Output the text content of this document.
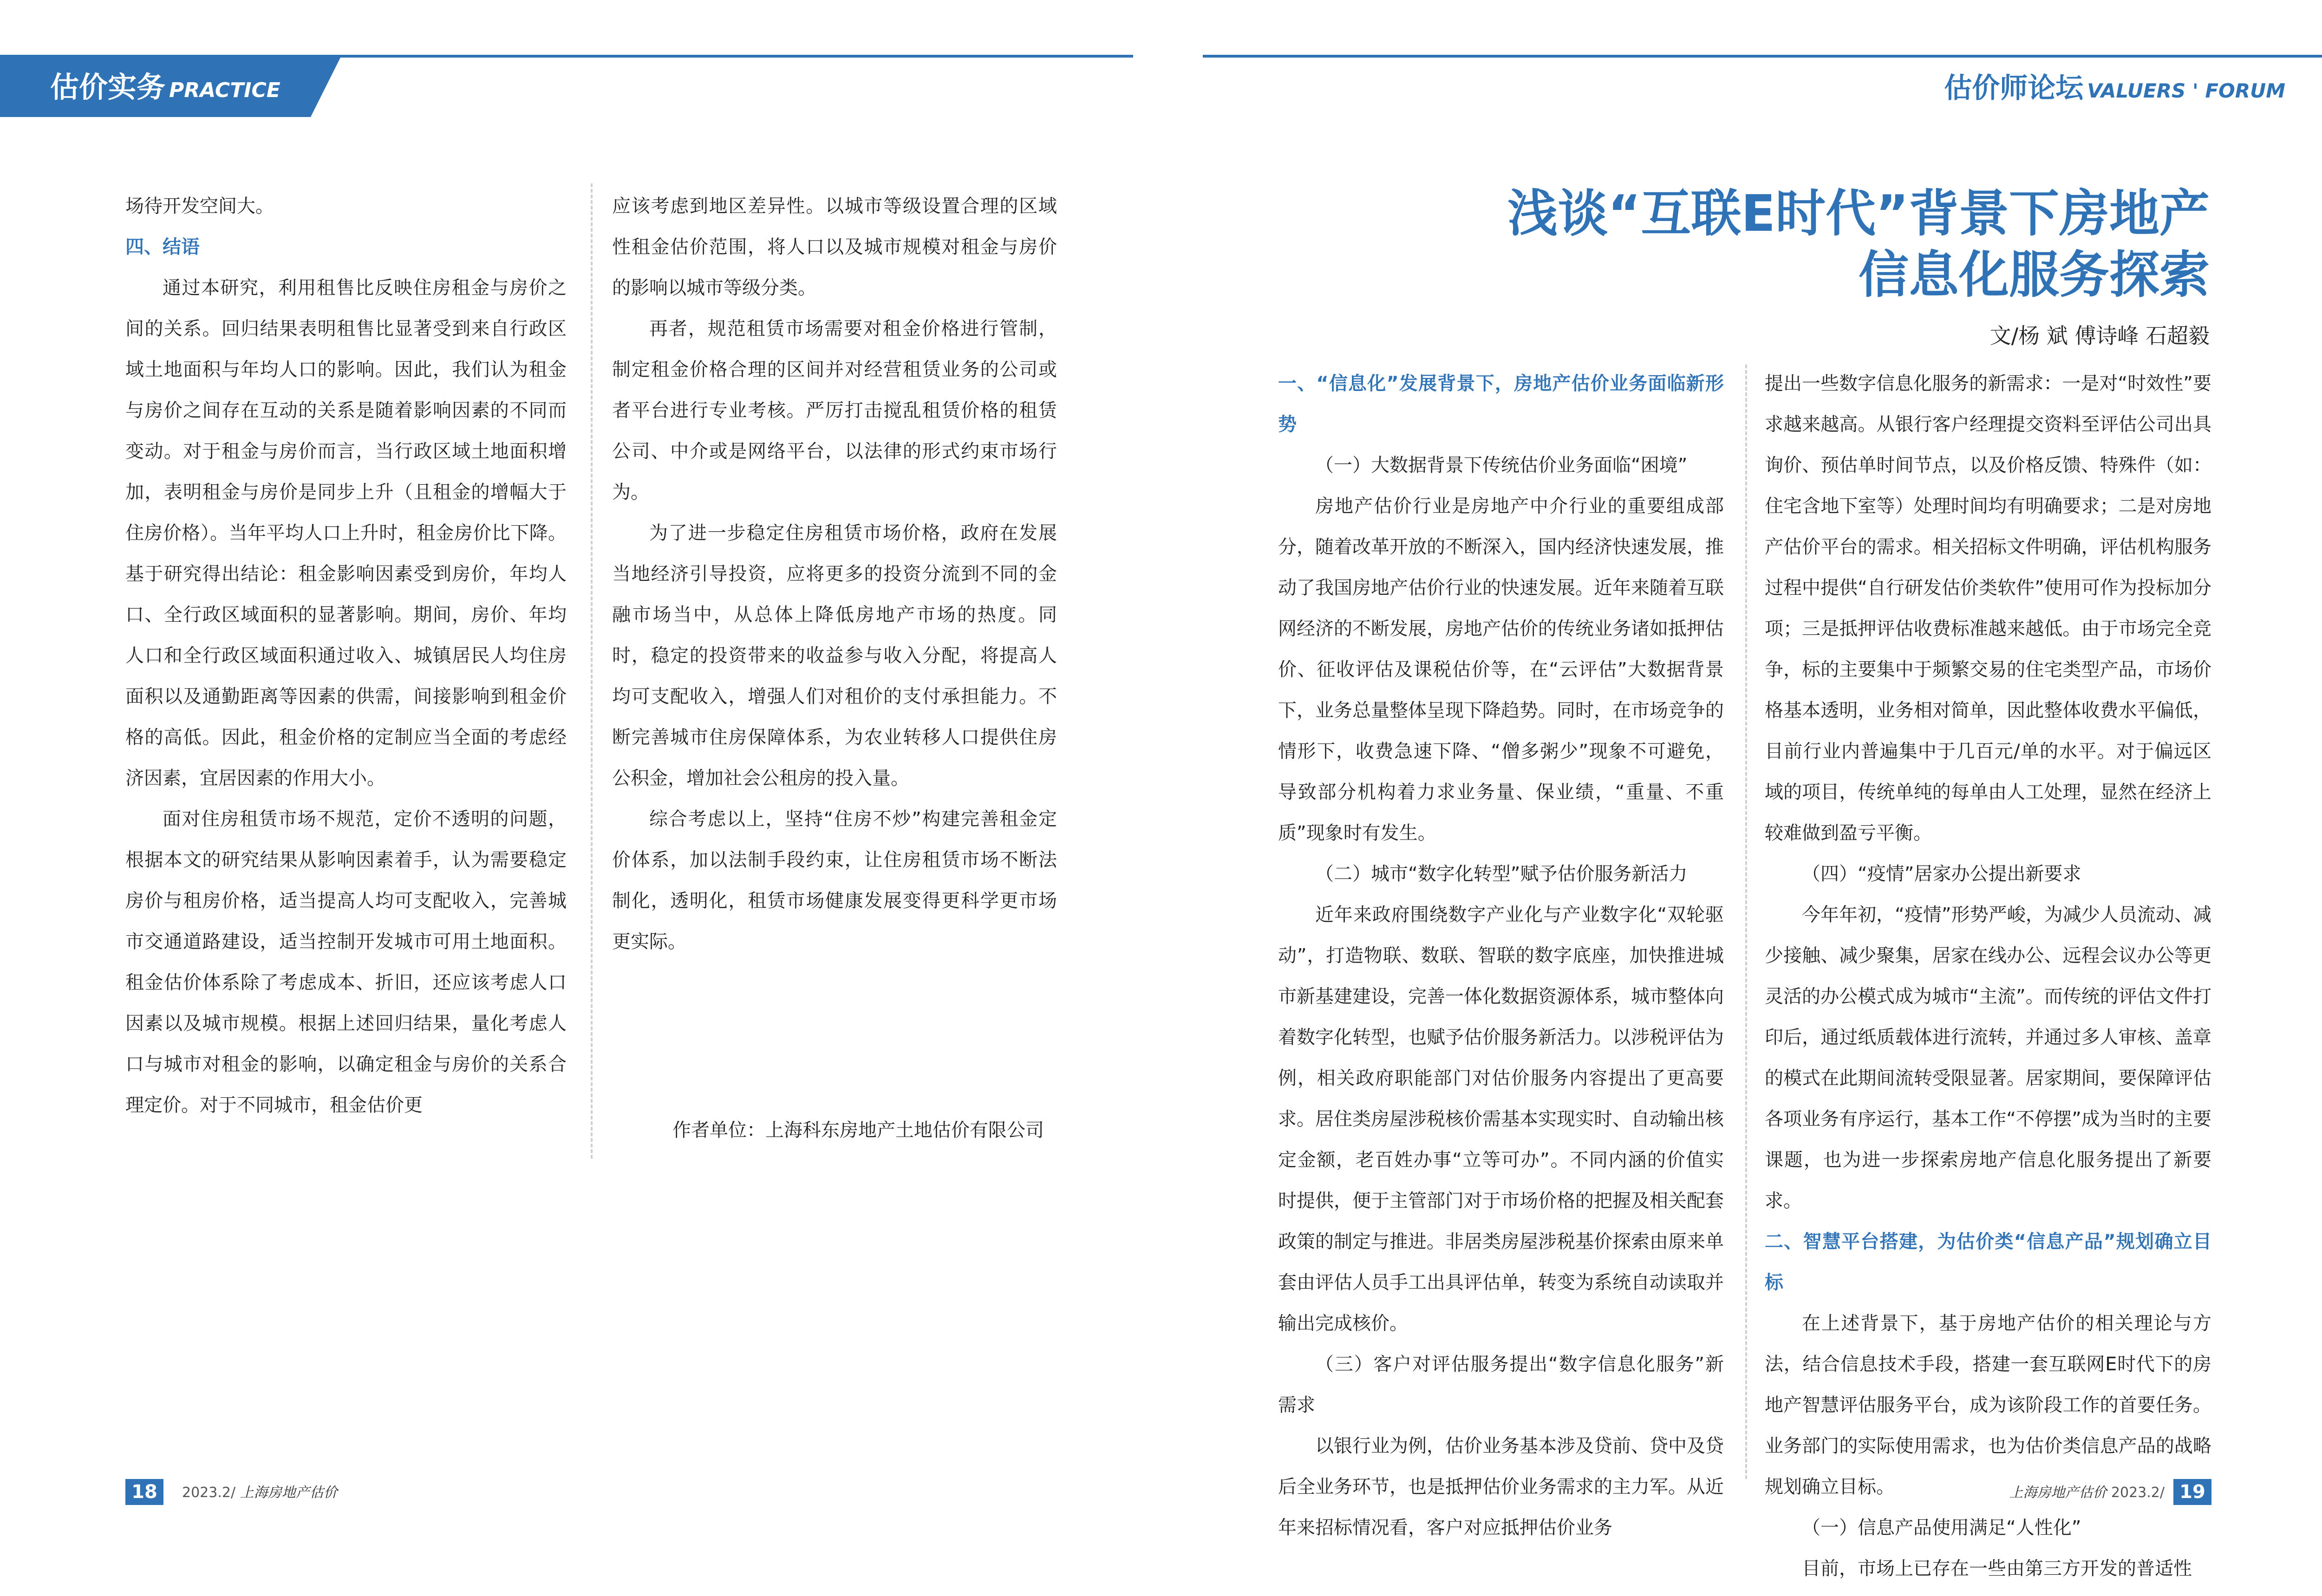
估价实务 PRACTICE	估价师论坛 VALUERS ' FORUM

场待开发空间大。

四、结语

通过本研究，利用租售比反映住房租金与房价之间的关系。回归结果表明租售比显著受到来自行政区域土地面积与年均人口的影响。因此，我们认为租金与房价之间存在互动的关系是随着影响因素的不同而变动。对于租金与房价而言，当行政区域土地面积增加，表明租金与房价是同步上升（且租金的增幅大于住房价格）。当年平均人口上升时，租金房价比下降。基于研究得出结论：租金影响因素受到房价，年均人口、全行政区域面积的显著影响。期间，房价、年均人口和全行政区域面积通过收入、城镇居民人均住房面积以及通勤距离等因素的供需，间接影响到租金价格的高低。因此，租金价格的定制应当全面的考虑经济因素，宜居因素的作用大小。

面对住房租赁市场不规范，定价不透明的问题，根据本文的研究结果从影响因素着手，认为需要稳定房价与租房价格，适当提高人均可支配收入，完善城市交通道路建设，适当控制开发城市可用土地面积。租金估价体系除了考虑成本、折旧，还应该考虑人口因素以及城市规模。根据上述回归结果，量化考虑人口与城市对租金的影响，以确定租金与房价的关系合理定价。对于不同城市，租金估价更

应该考虑到地区差异性。以城市等级设置合理的区域性租金估价范围，将人口以及城市规模对租金与房价的影响以城市等级分类。

再者，规范租赁市场需要对租金价格进行管制，制定租金价格合理的区间并对经营租赁业务的公司或者平台进行专业考核。严厉打击搅乱租赁价格的租赁公司、中介或是网络平台，以法律的形式约束市场行为。

为了进一步稳定住房租赁市场价格，政府在发展当地经济引导投资，应将更多的投资分流到不同的金融市场当中，从总体上降低房地产市场的热度。同时，稳定的投资带来的收益参与收入分配，将提高人均可支配收入，增强人们对租价的支付承担能力。不断完善城市住房保障体系，为农业转移人口提供住房公积金，增加社会公租房的投入量。

综合考虑以上，坚持“住房不炒”构建完善租金定价体系，加以法制手段约束，让住房租赁市场不断法制化，透明化，租赁市场健康发展变得更科学更市场更实际。

作者单位：上海科东房地产土地估价有限公司
浅谈“互联E时代”背景下房地产
信息化服务探索
文/杨 斌 傅诗峰 石超毅

一、“信息化”发展背景下，房地产估价业务面临新形势

（一）大数据背景下传统估价业务面临“困境”

房地产估价行业是房地产中介行业的重要组成部分，随着改革开放的不断深入，国内经济快速发展，推动了我国房地产估价行业的快速发展。近年来随着互联网经济的不断发展，房地产估价的传统业务诸如抵押估价、征收评估及课税估价等，在“云评估”大数据背景下，业务总量整体呈现下降趋势。同时，在市场竞争的情形下，收费急速下降、“僧多粥少”现象不可避免，导致部分机构着力求业务量、保业绩，“重量、不重质”现象时有发生。

（二）城市“数字化转型”赋予估价服务新活力

近年来政府围绕数字产业化与产业数字化“双轮驱动”，打造物联、数联、智联的数字底座，加快推进城市新基建建设，完善一体化数据资源体系，城市整体向着数字化转型，也赋予估价服务新活力。以涉税评估为例，相关政府职能部门对估价服务内容提出了更高要求。居住类房屋涉税核价需基本实现实时、自动输出核定金额，老百姓办事“立等可办”。不同内涵的价值实时提供，便于主管部门对于市场价格的把握及相关配套政策的制定与推进。非居类房屋涉税基价探索由原来单套由评估人员手工出具评估单，转变为系统自动读取并输出完成核价。

（三）客户对评估服务提出“数字信息化服务”新需求

以银行业为例，估价业务基本涉及贷前、贷中及贷后全业务环节，也是抵押估价业务需求的主力军。从近年来招标情况看，客户对应抵押估价业务

提出一些数字信息化服务的新需求：一是对“时效性”要求越来越高。从银行客户经理提交资料至评估公司出具询价、预估单时间节点，以及价格反馈、特殊件（如：住宅含地下室等）处理时间均有明确要求；二是对房地产估价平台的需求。相关招标文件明确，评估机构服务过程中提供“自行研发估价类软件”使用可作为投标加分项；三是抵押评估收费标准越来越低。由于市场完全竞争，标的主要集中于频繁交易的住宅类型产品，市场价格基本透明，业务相对简单，因此整体收费水平偏低，目前行业内普遍集中于几百元/单的水平。对于偏远区域的项目，传统单纯的每单由人工处理，显然在经济上较难做到盈亏平衡。

（四）“疫情”居家办公提出新要求

今年年初，“疫情”形势严峻，为减少人员流动、减少接触、减少聚集，居家在线办公、远程会议办公等更灵活的办公模式成为城市“主流”。而传统的评估文件打印后，通过纸质载体进行流转，并通过多人审核、盖章的模式在此期间流转受限显著。居家期间，要保障评估各项业务有序运行，基本工作“不停摆”成为当时的主要课题，也为进一步探索房地产信息化服务提出了新要求。

二、智慧平台搭建，为估价类“信息产品”规划确立目标

在上述背景下，基于房地产估价的相关理论与方法，结合信息技术手段，搭建一套互联网E时代下的房地产智慧评估服务平台，成为该阶段工作的首要任务。业务部门的实际使用需求，也为估价类信息产品的战略规划确立目标。

（一）信息产品使用满足“人性化”

目前，市场上已存在一些由第三方开发的普适性

18	2023.2/ 上海房地产估价	上海房地产估价 2023.2/ 19
